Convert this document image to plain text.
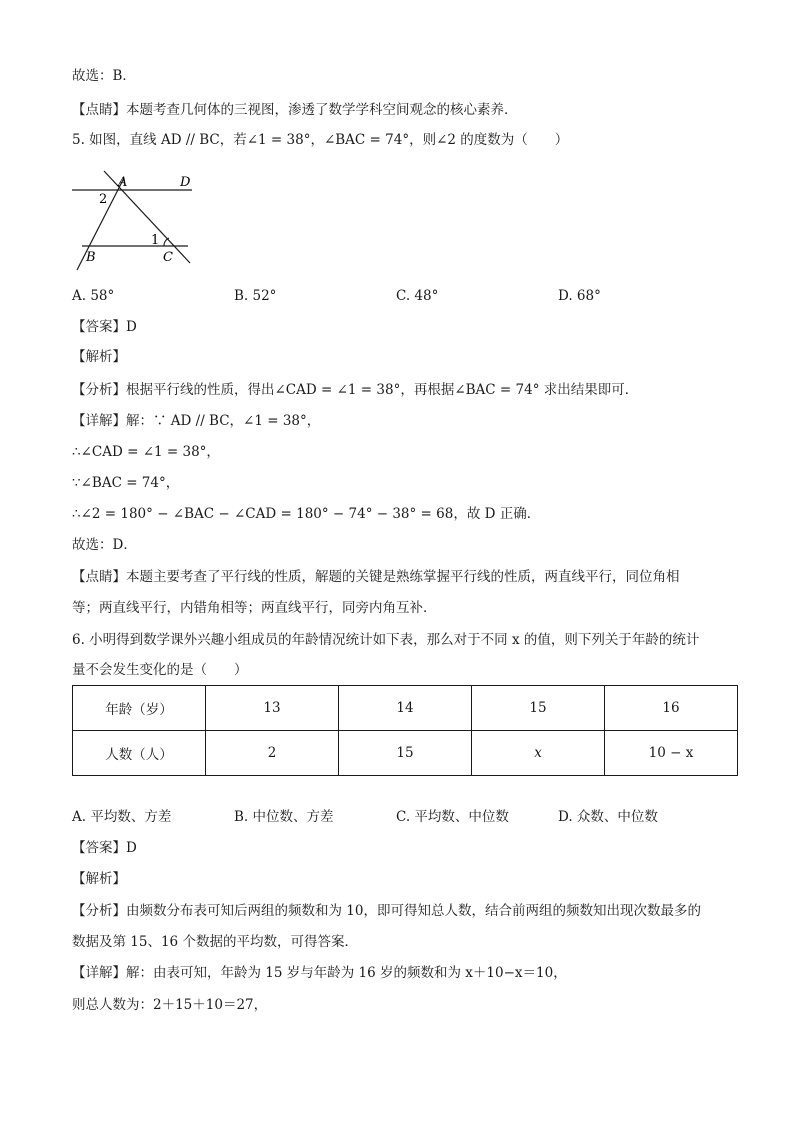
故选：B．
【点睛】本题考查几何体的三视图，渗透了数学学科空间观念的核心素养．
5. 如图，直线 AD // BC，若∠1 = 38°，∠BAC = 74°，则∠2 的度数为（　　）
A	D
B	C
1
2
A. 58°	B. 52°	C. 48°	D. 68°
【答案】D
【解析】
【分析】根据平行线的性质，得出∠CAD = ∠1 = 38°，再根据∠BAC = 74° 求出结果即可．
【详解】解：∵ AD // BC，∠1 = 38°，
∴∠CAD = ∠1 = 38°，
∵∠BAC = 74°，
∴∠2 = 180° − ∠BAC − ∠CAD = 180° − 74° − 38° = 68，故 D 正确．
故选：D．
【点睛】本题主要考查了平行线的性质，解题的关键是熟练掌握平行线的性质，两直线平行，同位角相
等；两直线平行，内错角相等；两直线平行，同旁内角互补．
6. 小明得到数学课外兴趣小组成员的年龄情况统计如下表，那么对于不同 x 的值，则下列关于年龄的统计
量不会发生变化的是（　　）
年龄（岁）	13	14	15	16
人数（人）	2	15	x	10 − x
A. 平均数、方差	B. 中位数、方差	C. 平均数、中位数	D. 众数、中位数
【答案】D
【解析】
【分析】由频数分布表可知后两组的频数和为 10，即可得知总人数，结合前两组的频数知出现次数最多的
数据及第 15、16 个数据的平均数，可得答案．
【详解】解：由表可知，年龄为 15 岁与年龄为 16 岁的频数和为 x＋10−x＝10，
则总人数为：2＋15＋10＝27，
